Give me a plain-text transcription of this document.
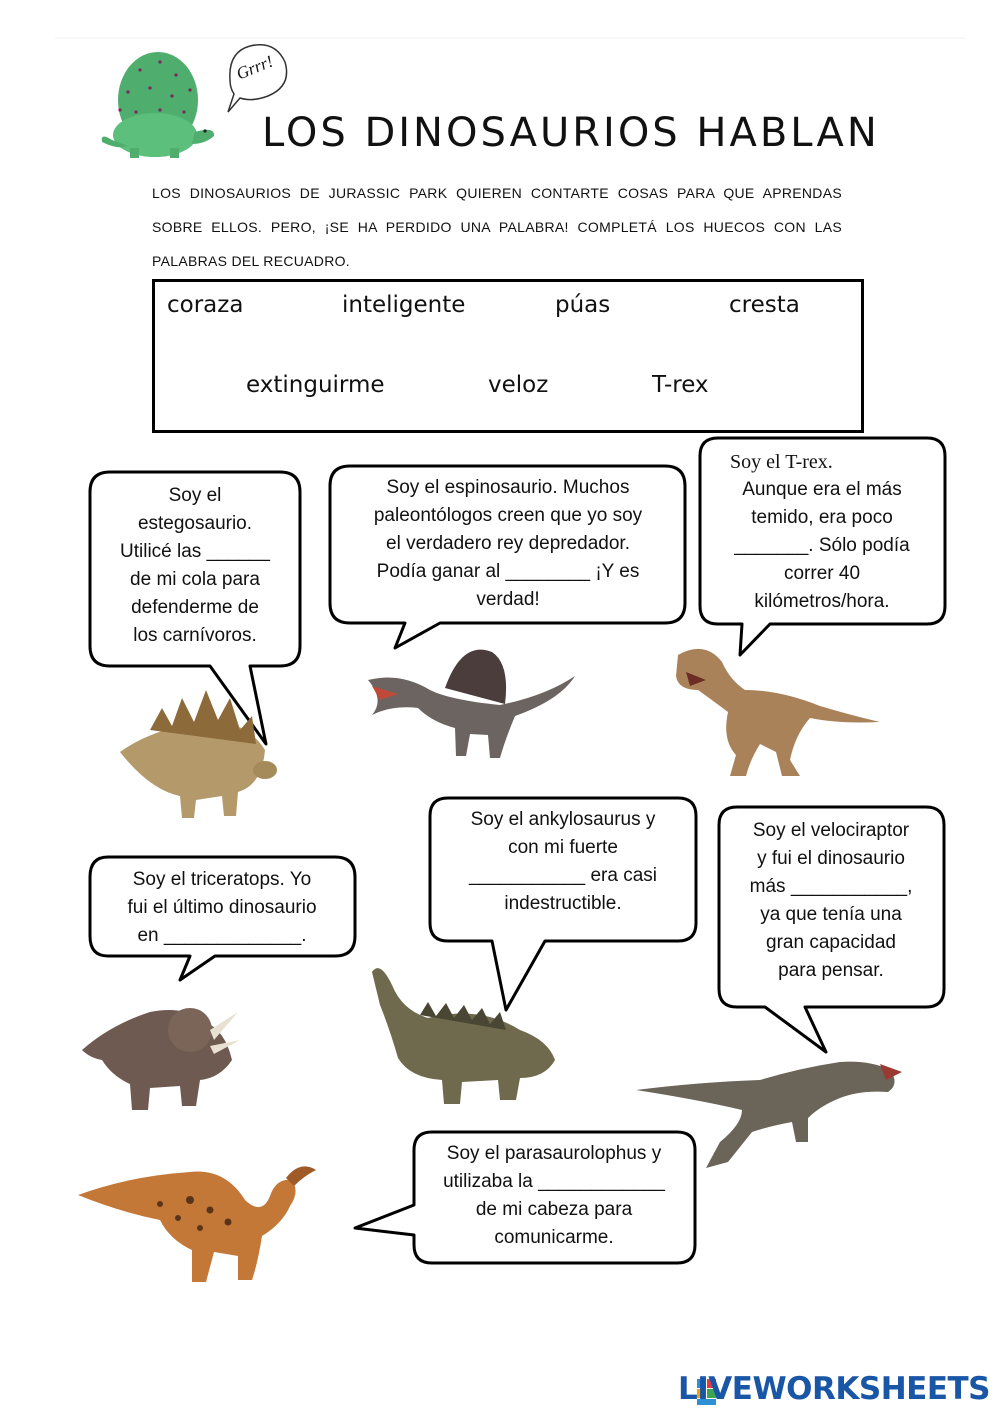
Grrr!
LOS DINOSAURIOS HABLAN
LOS DINOSAURIOS DE JURASSIC PARK QUIEREN CONTARTE COSAS PARA QUE APRENDAS SOBRE ELLOS. PERO, ¡SE HA PERDIDO UNA PALABRA! COMPLETÁ LOS HUECOS CON LAS PALABRAS DEL RECUADRO.
coraza	inteligente	púas	cresta
extinguirme	veloz	T-rex
Soy el
estegosaurio.
Utilicé las ______
de mi cola para
defenderme de
los carnívoros.
Soy el espinosaurio. Muchos
paleontólogos creen que yo soy
el verdadero rey depredador.
Podía ganar al ________ ¡Y es
verdad!
Soy el T-rex.
Aunque era el más
temido, era poco
_______. Sólo podía
correr 40
kilómetros/hora.
Soy el triceratops. Yo
fui el último dinosaurio
en _____________.
Soy el ankylosaurus y
con mi fuerte
___________ era casi
indestructible.
Soy el velociraptor
y fui el dinosaurio
más ___________,
ya que tenía una
gran capacidad
para pensar.
Soy el parasaurolophus y
utilizaba la ____________
de mi cabeza para
comunicarme.
LIVEWORKSHEETS
